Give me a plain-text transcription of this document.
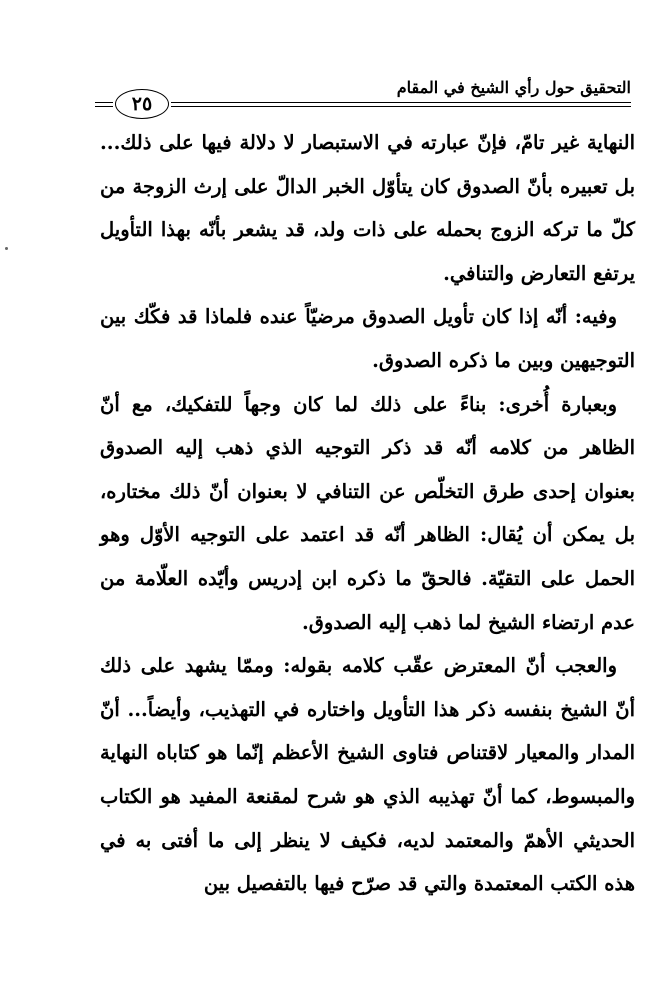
التحقيق حول رأي الشيخ في المقام
٢٥

النهاية غير تامّ، فإنّ عبارته في الاستبصار لا دلالة فيها على ذلك... بل تعبيره بأنّ الصدوق كان يتأوّل الخبر الدالّ على إرث الزوجة من كلّ ما تركه الزوج بحمله على ذات ولد، قد يشعر بأنّه بهذا التأويل يرتفع التعارض والتنافي.

وفيه: أنّه إذا كان تأويل الصدوق مرضيّاً عنده فلماذا قد فكّك بين التوجيهين وبين ما ذكره الصدوق.

وبعبارة أُخرى: بناءً على ذلك لما كان وجهاً للتفكيك، مع أنّ الظاهر من كلامه أنّه قد ذكر التوجيه الذي ذهب إليه الصدوق بعنوان إحدى طرق التخلّص عن التنافي لا بعنوان أنّ ذلك مختاره، بل يمكن أن يُقال: الظاهر أنّه قد اعتمد على التوجيه الأوّل وهو الحمل على التقيّة. فالحقّ ما ذكره ابن إدريس وأيّده العلّامة من عدم ارتضاء الشيخ لما ذهب إليه الصدوق.

والعجب أنّ المعترض عقّب كلامه بقوله: وممّا يشهد على ذلك أنّ الشيخ بنفسه ذكر هذا التأويل واختاره في التهذيب، وأيضاً... أنّ المدار والمعيار لاقتناص فتاوى الشيخ الأعظم إنّما هو كتاباه النهاية والمبسوط، كما أنّ تهذيبه الذي هو شرح لمقنعة المفيد هو الكتاب الحديثي الأهمّ والمعتمد لديه، فكيف لا ينظر إلى ما أفتى به في هذه الكتب المعتمدة والتي قد صرّح فيها بالتفصيل بين
